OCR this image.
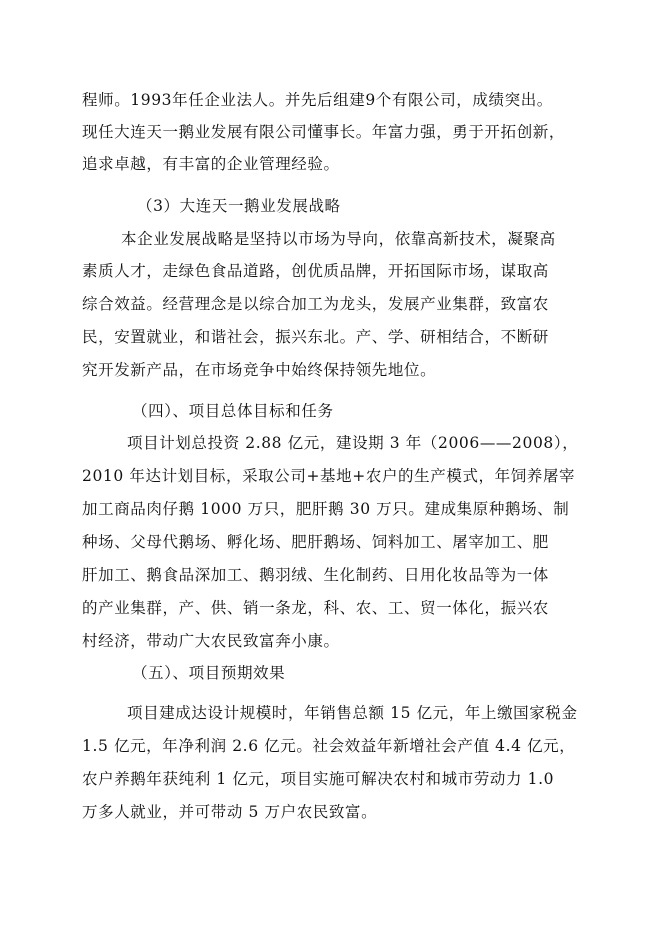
程师。1993年任企业法人。并先后组建9个有限公司，成绩突出。
现任大连天一鹅业发展有限公司懂事长。年富力强，勇于开拓创新，
追求卓越，有丰富的企业管理经验。
（3）大连天一鹅业发展战略
本企业发展战略是坚持以市场为导向，依靠高新技术，凝聚高
素质人才，走绿色食品道路，创优质品牌，开拓国际市场，谋取高
综合效益。经营理念是以综合加工为龙头，发展产业集群，致富农
民，安置就业，和谐社会，振兴东北。产、学、研相结合，不断研
究开发新产品，在市场竞争中始终保持领先地位。
（四）、项目总体目标和任务
项目计划总投资 2.88 亿元，建设期 3 年（2006——2008），
2010 年达计划目标，采取公司+基地+农户的生产模式，年饲养屠宰
加工商品肉仔鹅 1000 万只，肥肝鹅 30 万只。建成集原种鹅场、制
种场、父母代鹅场、孵化场、肥肝鹅场、饲料加工、屠宰加工、肥
肝加工、鹅食品深加工、鹅羽绒、生化制药、日用化妆品等为一体
的产业集群，产、供、销一条龙，科、农、工、贸一体化，振兴农
村经济，带动广大农民致富奔小康。
（五）、项目预期效果
项目建成达设计规模时，年销售总额 15 亿元，年上缴国家税金
1.5 亿元，年净利润 2.6 亿元。社会效益年新增社会产值 4.4 亿元，
农户养鹅年获纯利 1 亿元，项目实施可解决农村和城市劳动力 1.0
万多人就业，并可带动 5 万户农民致富。
